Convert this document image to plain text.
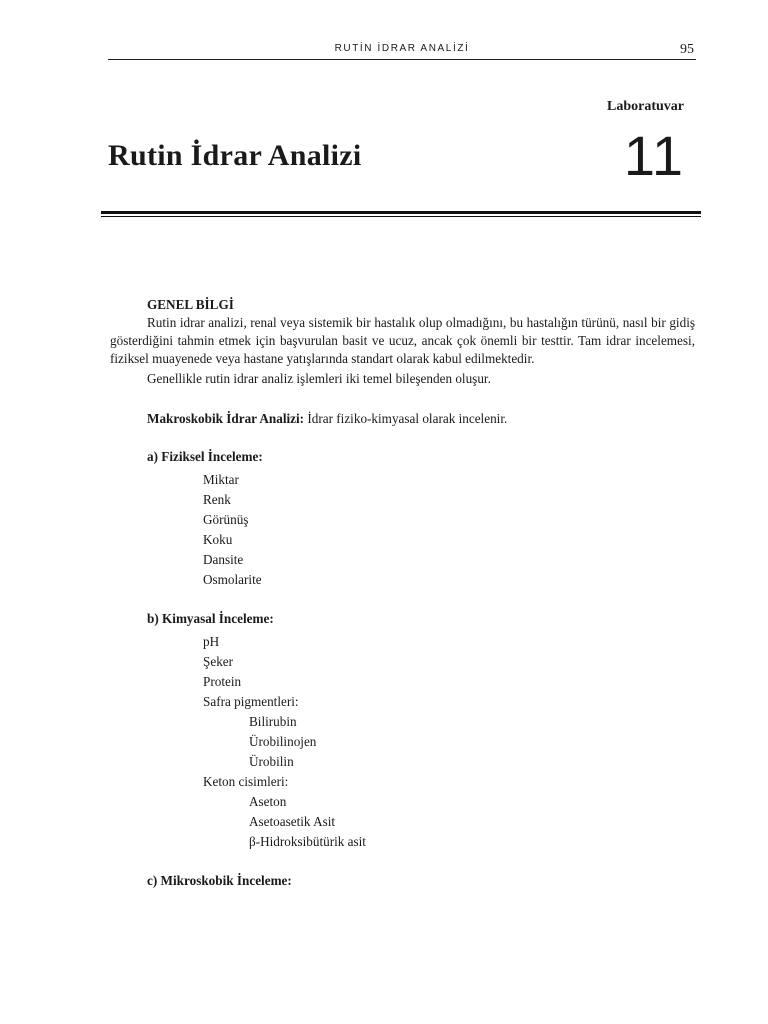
RUTİN İDRAR ANALİZİ	95
Laboratuvar
11
Rutin İdrar Analizi
GENEL BİLGİ

Rutin idrar analizi, renal veya sistemik bir hastalık olup olmadığını, bu hastalığın türünü, nasıl bir gidiş gösterdiğini tahmin etmek için başvurulan basit ve ucuz, ancak çok önemli bir testtir. Tam idrar incelemesi, fiziksel muayenede veya hastane yatışlarında standart olarak kabul edilmektedir.

Genellikle rutin idrar analiz işlemleri iki temel bileşenden oluşur.

Makroskobik İdrar Analizi: İdrar fiziko-kimyasal olarak incelenir.
a) Fiziksel İnceleme:
Miktar
Renk
Görünüş
Koku
Dansite
Osmolarite
b) Kimyasal İnceleme:
pH
Şeker
Protein
Safra pigmentleri:
Bilirubin
Ürobilinojen
Ürobilin
Keton cisimleri:
Aseton
Asetoasetik Asit
β-Hidroksibütürik asit
c) Mikroskobik İnceleme:
